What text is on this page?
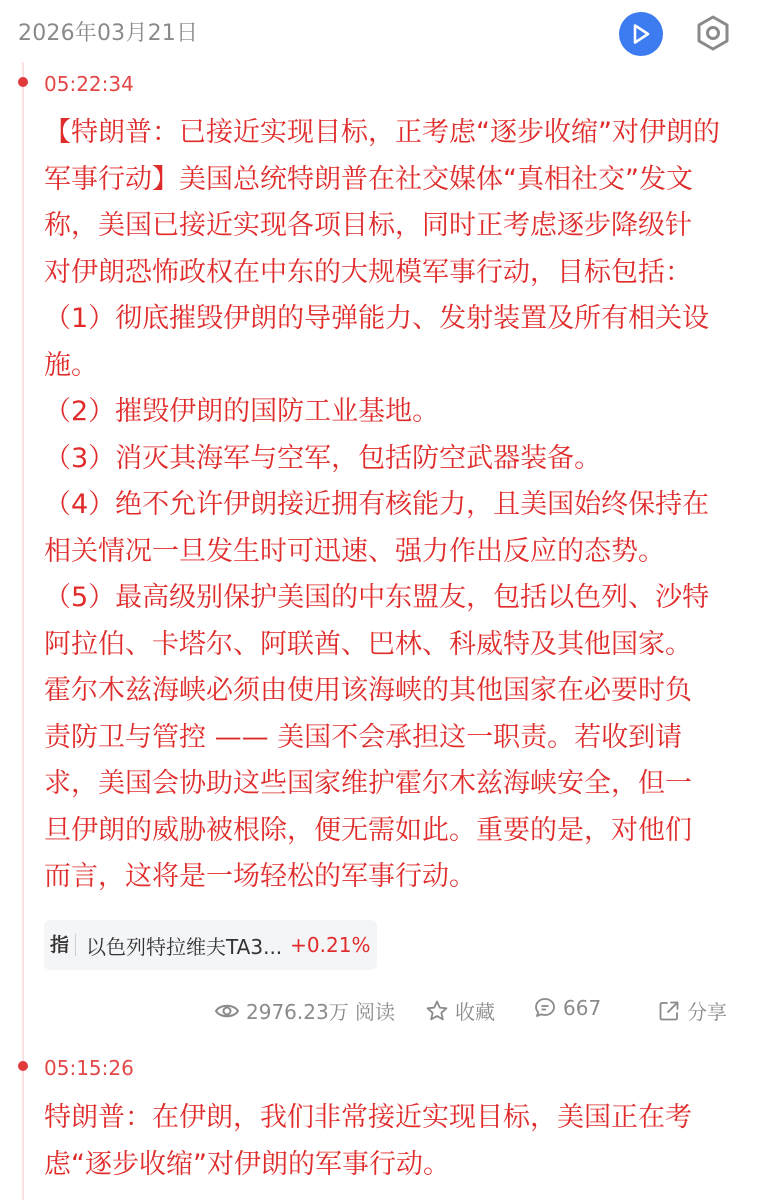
2026年03月21日
05:22:34
【特朗普：已接近实现目标，正考虑“逐步收缩”对伊朗的
军事行动】美国总统特朗普在社交媒体“真相社交”发文
称，美国已接近实现各项目标，同时正考虑逐步降级针
对伊朗恐怖政权在中东的大规模军事行动，目标包括：
（1）彻底摧毁伊朗的导弹能力、发射装置及所有相关设
施。
（2）摧毁伊朗的国防工业基地。
（3）消灭其海军与空军，包括防空武器装备。
（4）绝不允许伊朗接近拥有核能力，且美国始终保持在
相关情况一旦发生时可迅速、强力作出反应的态势。
（5）最高级别保护美国的中东盟友，包括以色列、沙特
阿拉伯、卡塔尔、阿联酋、巴林、科威特及其他国家。
霍尔木兹海峡必须由使用该海峡的其他国家在必要时负
责防卫与管控 —— 美国不会承担这一职责。若收到请
求，美国会协助这些国家维护霍尔木兹海峡安全，但一
旦伊朗的威胁被根除，便无需如此。重要的是，对他们
而言，这将是一场轻松的军事行动。
指 以色列特拉维夫TA3... +0.21%
2976.23万 阅读	收藏	667	分享
05:15:26
特朗普：在伊朗，我们非常接近实现目标，美国正在考
虑“逐步收缩”对伊朗的军事行动。
